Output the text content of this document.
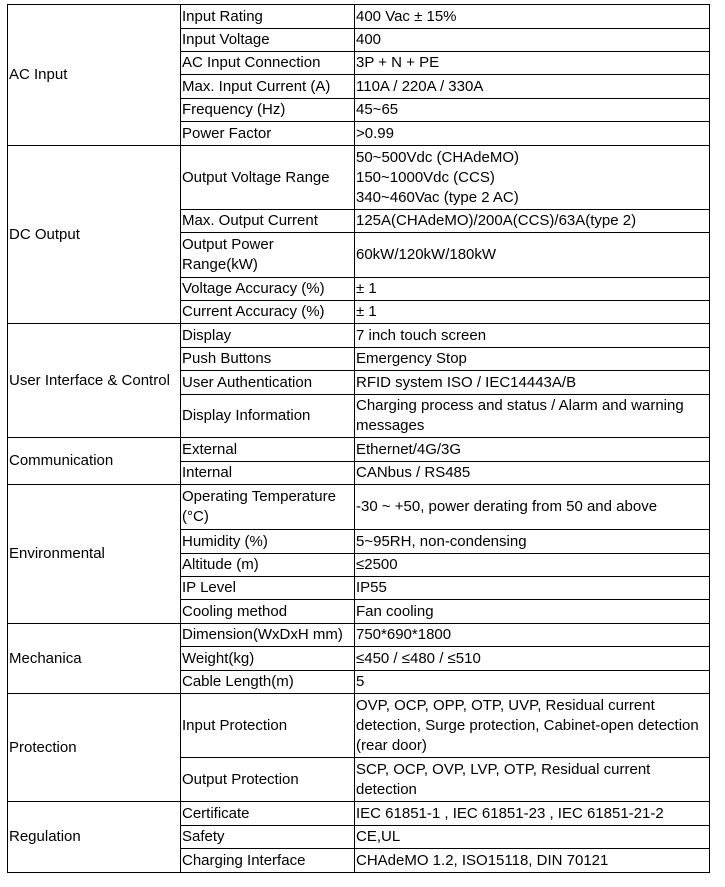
AC Input	Input Rating	400 Vac ± 15%
	Input Voltage	400
	AC Input Connection	3P + N + PE
	Max. Input Current (A)	110A / 220A / 330A
	Frequency (Hz)	45~65
	Power Factor	>0.99
DC Output	Output Voltage Range	50~500Vdc (CHAdeMO)
150~1000Vdc (CCS)
340~460Vac (type 2 AC)
	Max. Output Current	125A(CHAdeMO)/200A(CCS)/63A(type 2)
	Output Power Range(kW)	60kW/120kW/180kW
	Voltage Accuracy (%)	± 1
	Current Accuracy (%)	± 1
User Interface & Control	Display	7 inch touch screen
	Push Buttons	Emergency Stop
	User Authentication	RFID system ISO / IEC14443A/B
	Display Information	Charging process and status / Alarm and warning messages
Communication	External	Ethernet/4G/3G
	Internal	CANbus / RS485
Environmental	Operating Temperature (°C)	-30 ~ +50, power derating from 50 and above
	Humidity (%)	5~95RH, non-condensing
	Altitude (m)	≤2500
	IP Level	IP55
	Cooling method	Fan cooling
Mechanica	Dimension(WxDxH mm)	750*690*1800
	Weight(kg)	≤450 / ≤480 / ≤510
	Cable Length(m)	5
Protection	Input Protection	OVP, OCP, OPP, OTP, UVP, Residual current detection, Surge protection, Cabinet-open detection (rear door)
	Output Protection	SCP, OCP, OVP, LVP, OTP, Residual current detection
Regulation	Certificate	IEC 61851-1 , IEC 61851-23 , IEC 61851-21-2
	Safety	CE,UL
	Charging Interface	CHAdeMO 1.2, ISO15118, DIN 70121
